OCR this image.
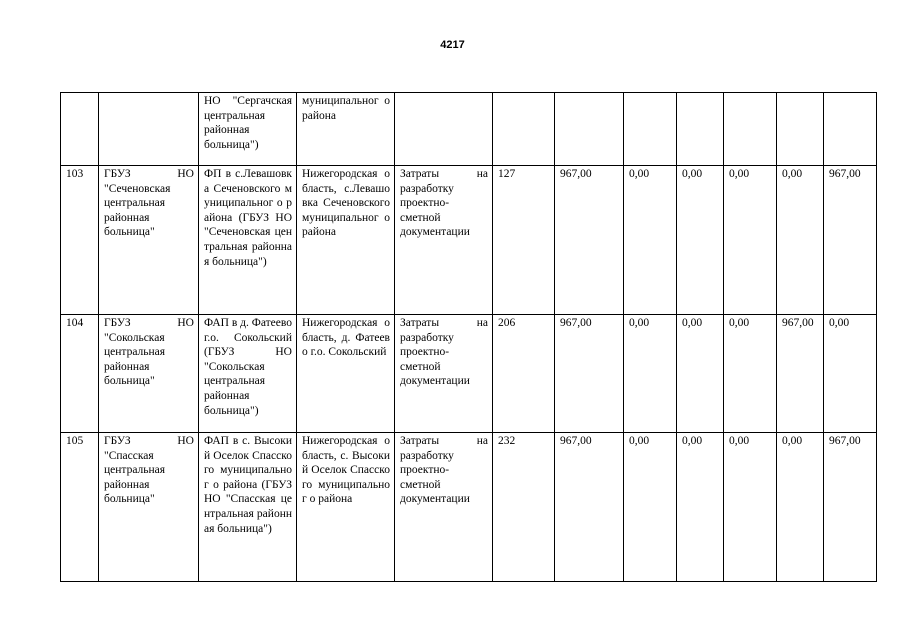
4217
		НО "Сергачская центральная районная больница")	муниципальног о района								
103	ГБУЗ НО "Сеченовская центральная районная больница"	ФП в с.Левашовка Сеченовского муниципальног о района (ГБУЗ НО "Сеченовская центральная районная больница")	Нижегородская область, с.Левашовка Сеченовского муниципальног о района	Затраты на разработку проектно-сметной документации	127	967,00	0,00	0,00	0,00	0,00	967,00
104	ГБУЗ НО "Сокольская центральная районная больница"	ФАП в д. Фатеево г.о. Сокольский (ГБУЗ НО "Сокольская центральная районная больница")	Нижегородская область, д. Фатеево г.о. Сокольский	Затраты на разработку проектно-сметной документации	206	967,00	0,00	0,00	0,00	967,00	0,00
105	ГБУЗ НО "Спасская центральная районная больница"	ФАП в с. Высокий Оселок Спасского муниципальног о района (ГБУЗ НО "Спасская центральная районная больница")	Нижегородская область, с. Высокий Оселок Спасского муниципальног о района	Затраты на разработку проектно-сметной документации	232	967,00	0,00	0,00	0,00	0,00	967,00
